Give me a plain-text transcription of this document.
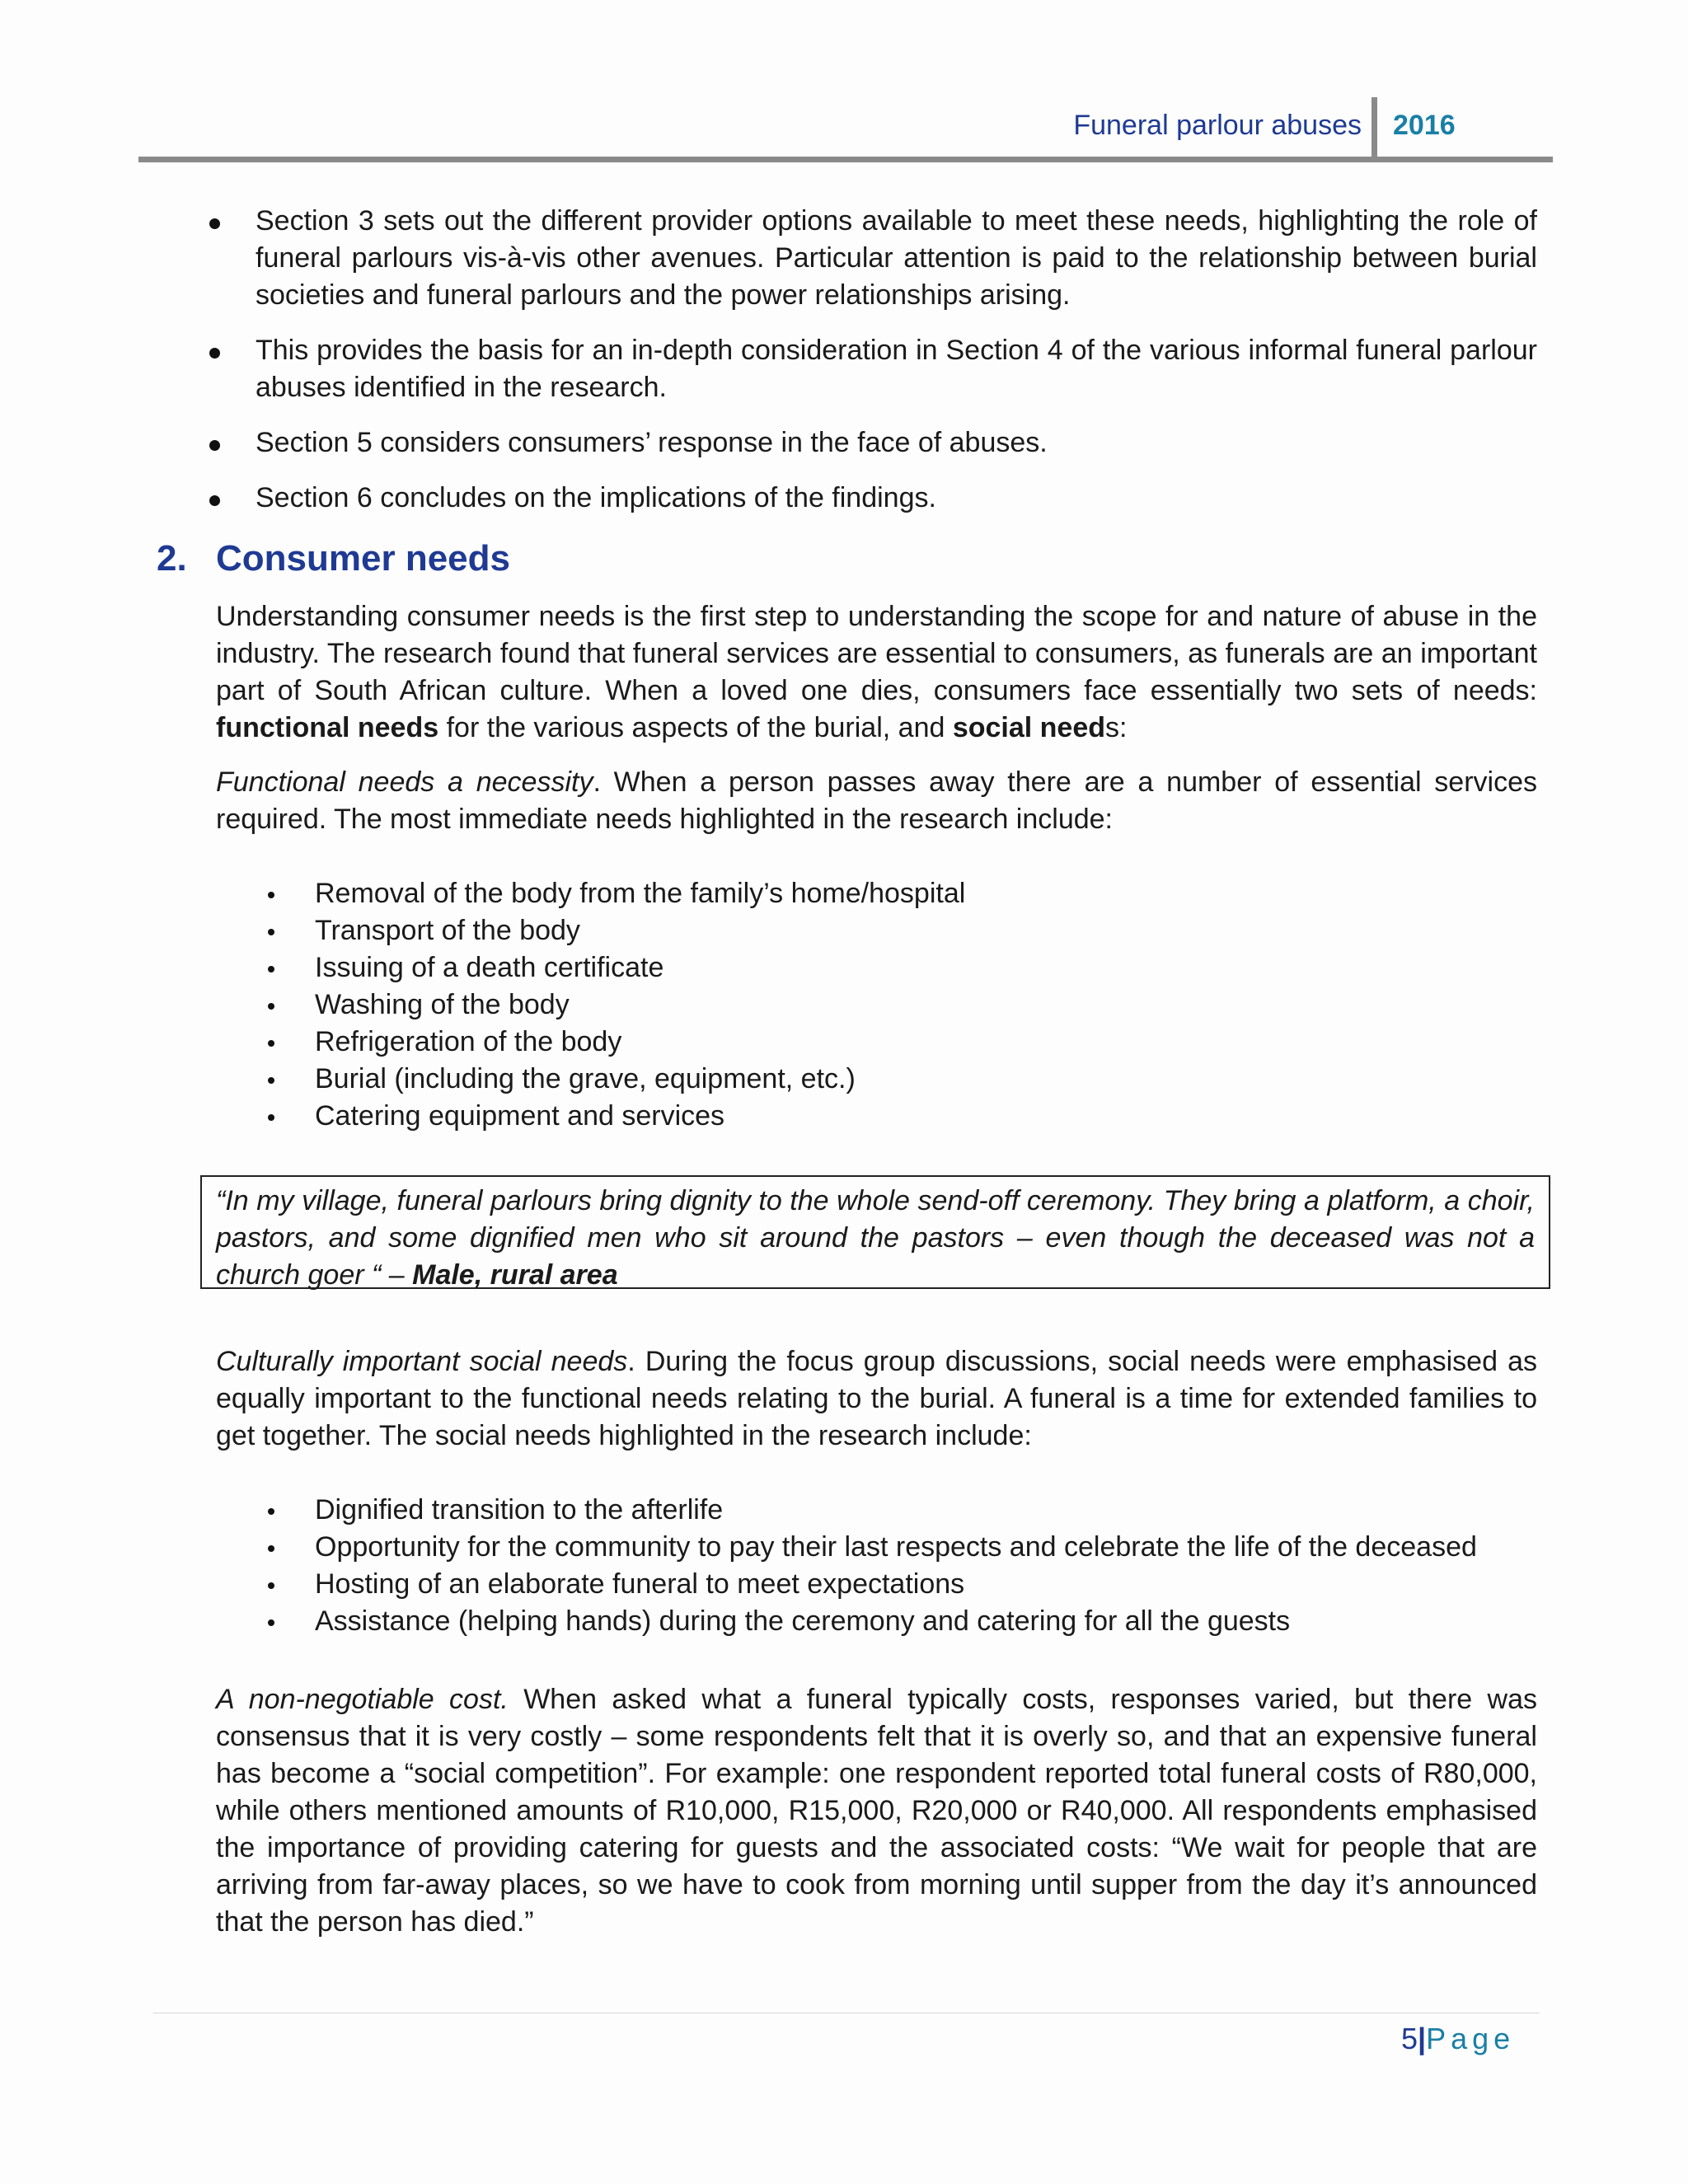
Funeral parlour abuses 2016
Section 3 sets out the different provider options available to meet these needs, highlighting the role of funeral parlours vis-à-vis other avenues. Particular attention is paid to the relationship between burial societies and funeral parlours and the power relationships arising.
This provides the basis for an in-depth consideration in Section 4 of the various informal funeral parlour abuses identified in the research.
Section 5 considers consumers’ response in the face of abuses.
Section 6 concludes on the implications of the findings.
2. Consumer needs
Understanding consumer needs is the first step to understanding the scope for and nature of abuse in the industry. The research found that funeral services are essential to consumers, as funerals are an important part of South African culture. When a loved one dies, consumers face essentially two sets of needs: functional needs for the various aspects of the burial, and social needs:
Functional needs a necessity. When a person passes away there are a number of essential services required. The most immediate needs highlighted in the research include:
Removal of the body from the family’s home/hospital
Transport of the body
Issuing of a death certificate
Washing of the body
Refrigeration of the body
Burial (including the grave, equipment, etc.)
Catering equipment and services
“In my village, funeral parlours bring dignity to the whole send-off ceremony. They bring a platform, a choir, pastors, and some dignified men who sit around the pastors – even though the deceased was not a church goer “ – Male, rural area
Culturally important social needs. During the focus group discussions, social needs were emphasised as equally important to the functional needs relating to the burial. A funeral is a time for extended families to get together. The social needs highlighted in the research include:
Dignified transition to the afterlife
Opportunity for the community to pay their last respects and celebrate the life of the deceased
Hosting of an elaborate funeral to meet expectations
Assistance (helping hands) during the ceremony and catering for all the guests
A non-negotiable cost. When asked what a funeral typically costs, responses varied, but there was consensus that it is very costly – some respondents felt that it is overly so, and that an expensive funeral has become a “social competition”. For example: one respondent reported total funeral costs of R80,000, while others mentioned amounts of R10,000, R15,000, R20,000 or R40,000. All respondents emphasised the importance of providing catering for guests and the associated costs: “We wait for people that are arriving from far-away places, so we have to cook from morning until supper from the day it’s announced that the person has died.”
5|Page
